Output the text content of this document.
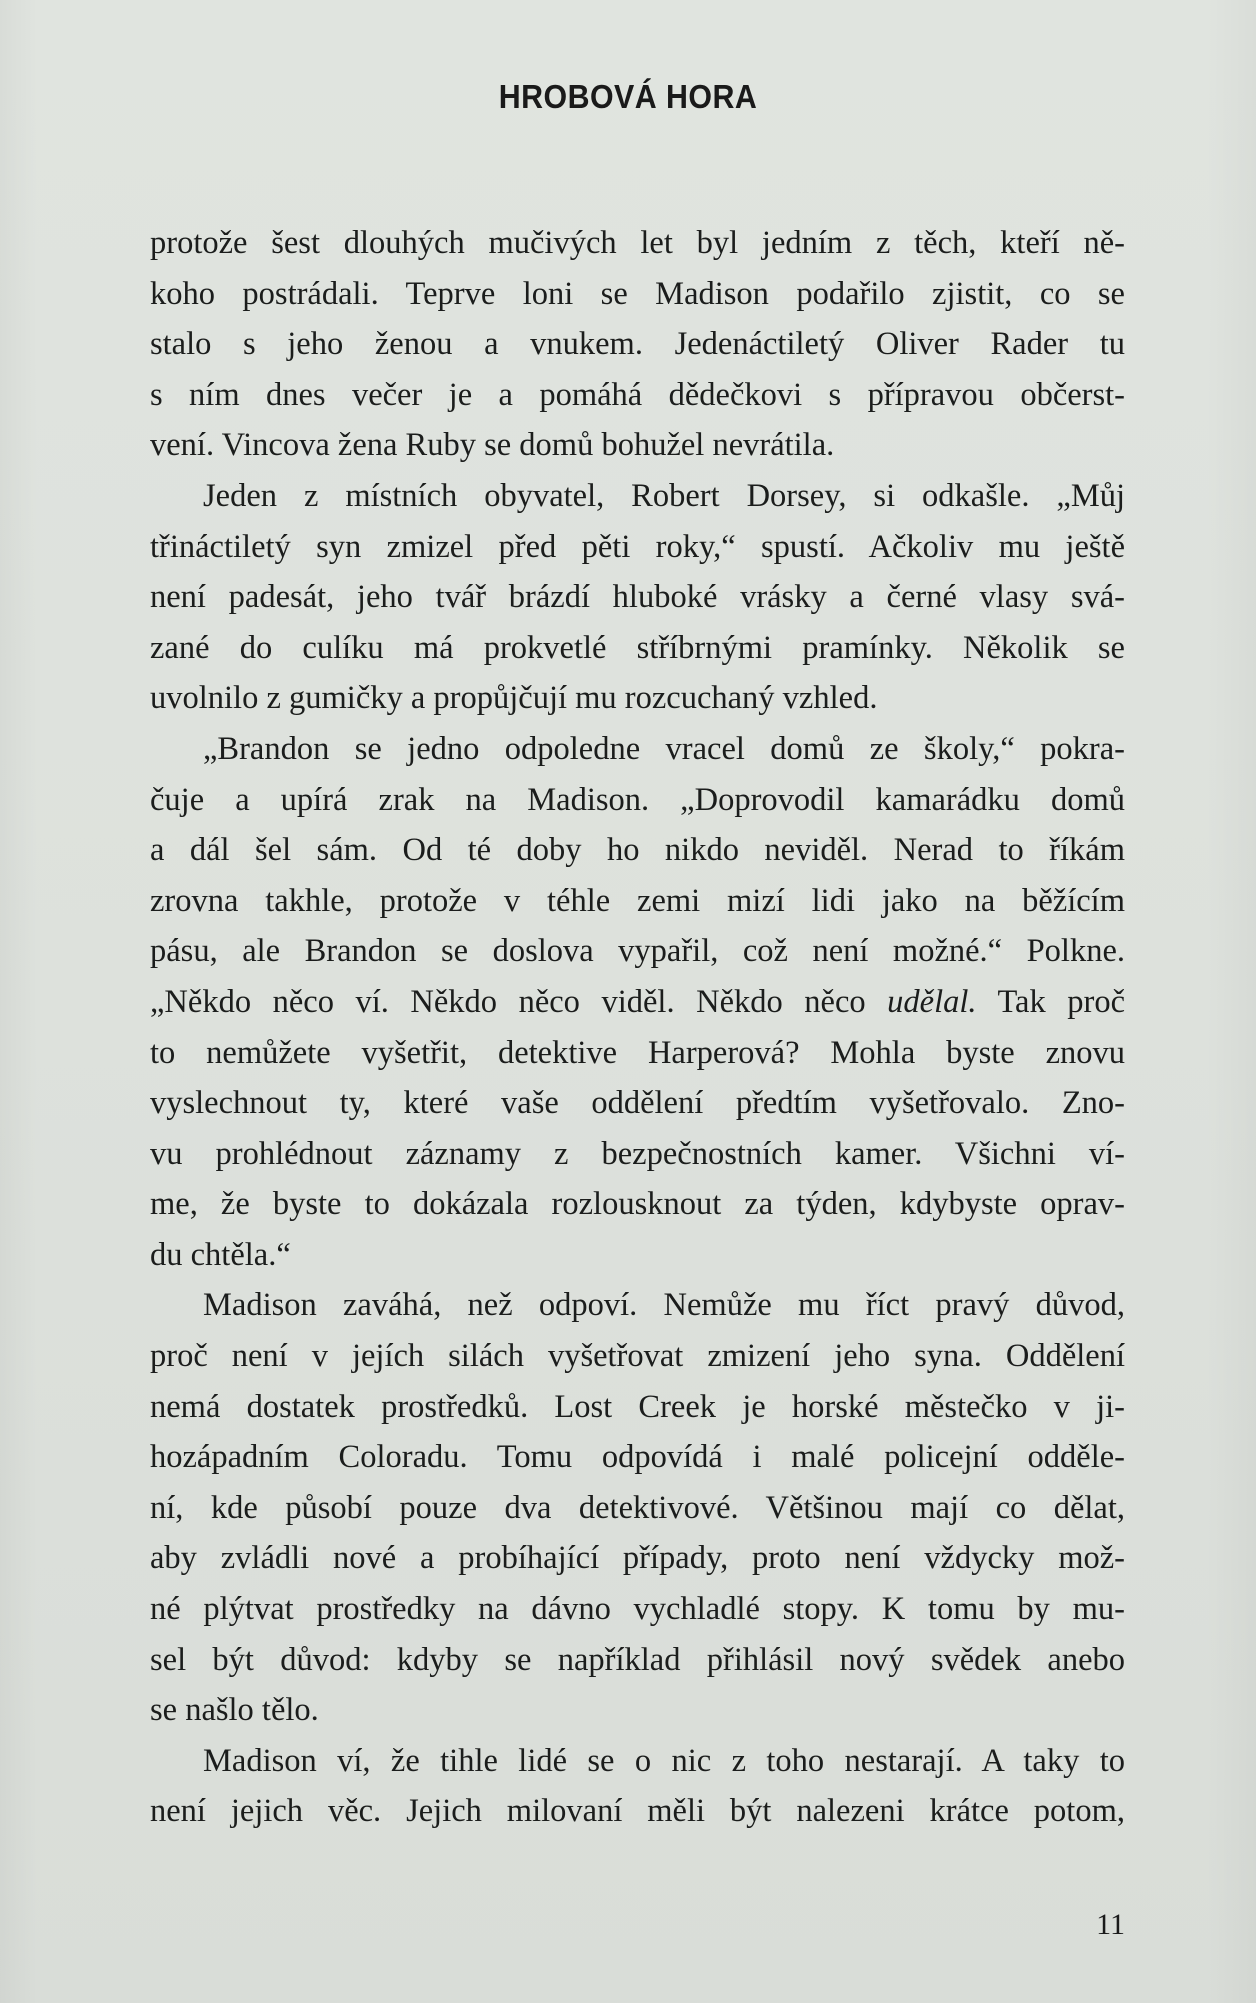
HROBOVÁ HORA
protože šest dlouhých mučivých let byl jedním z těch, kteří ně-
koho postrádali. Teprve loni se Madison podařilo zjistit, co se
stalo s jeho ženou a vnukem. Jedenáctiletý Oliver Rader tu
s ním dnes večer je a pomáhá dědečkovi s přípravou občerst-
vení. Vincova žena Ruby se domů bohužel nevrátila.
Jeden z místních obyvatel, Robert Dorsey, si odkašle. „Můj
třináctiletý syn zmizel před pěti roky,“ spustí. Ačkoliv mu ještě
není padesát, jeho tvář brázdí hluboké vrásky a černé vlasy svá-
zané do culíku má prokvetlé stříbrnými pramínky. Několik se
uvolnilo z gumičky a propůjčují mu rozcuchaný vzhled.
„Brandon se jedno odpoledne vracel domů ze školy,“ pokra-
čuje a upírá zrak na Madison. „Doprovodil kamarádku domů
a dál šel sám. Od té doby ho nikdo neviděl. Nerad to říkám
zrovna takhle, protože v téhle zemi mizí lidi jako na běžícím
pásu, ale Brandon se doslova vypařil, což není možné.“ Polkne.
„Někdo něco ví. Někdo něco viděl. Někdo něco udělal. Tak proč
to nemůžete vyšetřit, detektive Harperová? Mohla byste znovu
vyslechnout ty, které vaše oddělení předtím vyšetřovalo. Zno-
vu prohlédnout záznamy z bezpečnostních kamer. Všichni ví-
me, že byste to dokázala rozlousknout za týden, kdybyste oprav-
du chtěla.“
Madison zaváhá, než odpoví. Nemůže mu říct pravý důvod,
proč není v jejích silách vyšetřovat zmizení jeho syna. Oddělení
nemá dostatek prostředků. Lost Creek je horské městečko v ji-
hozápadním Coloradu. Tomu odpovídá i malé policejní odděle-
ní, kde působí pouze dva detektivové. Většinou mají co dělat,
aby zvládli nové a probíhající případy, proto není vždycky mož-
né plýtvat prostředky na dávno vychladlé stopy. K tomu by mu-
sel být důvod: kdyby se například přihlásil nový svědek anebo
se našlo tělo.
Madison ví, že tihle lidé se o nic z toho nestarají. A taky to
není jejich věc. Jejich milovaní měli být nalezeni krátce potom,
11
